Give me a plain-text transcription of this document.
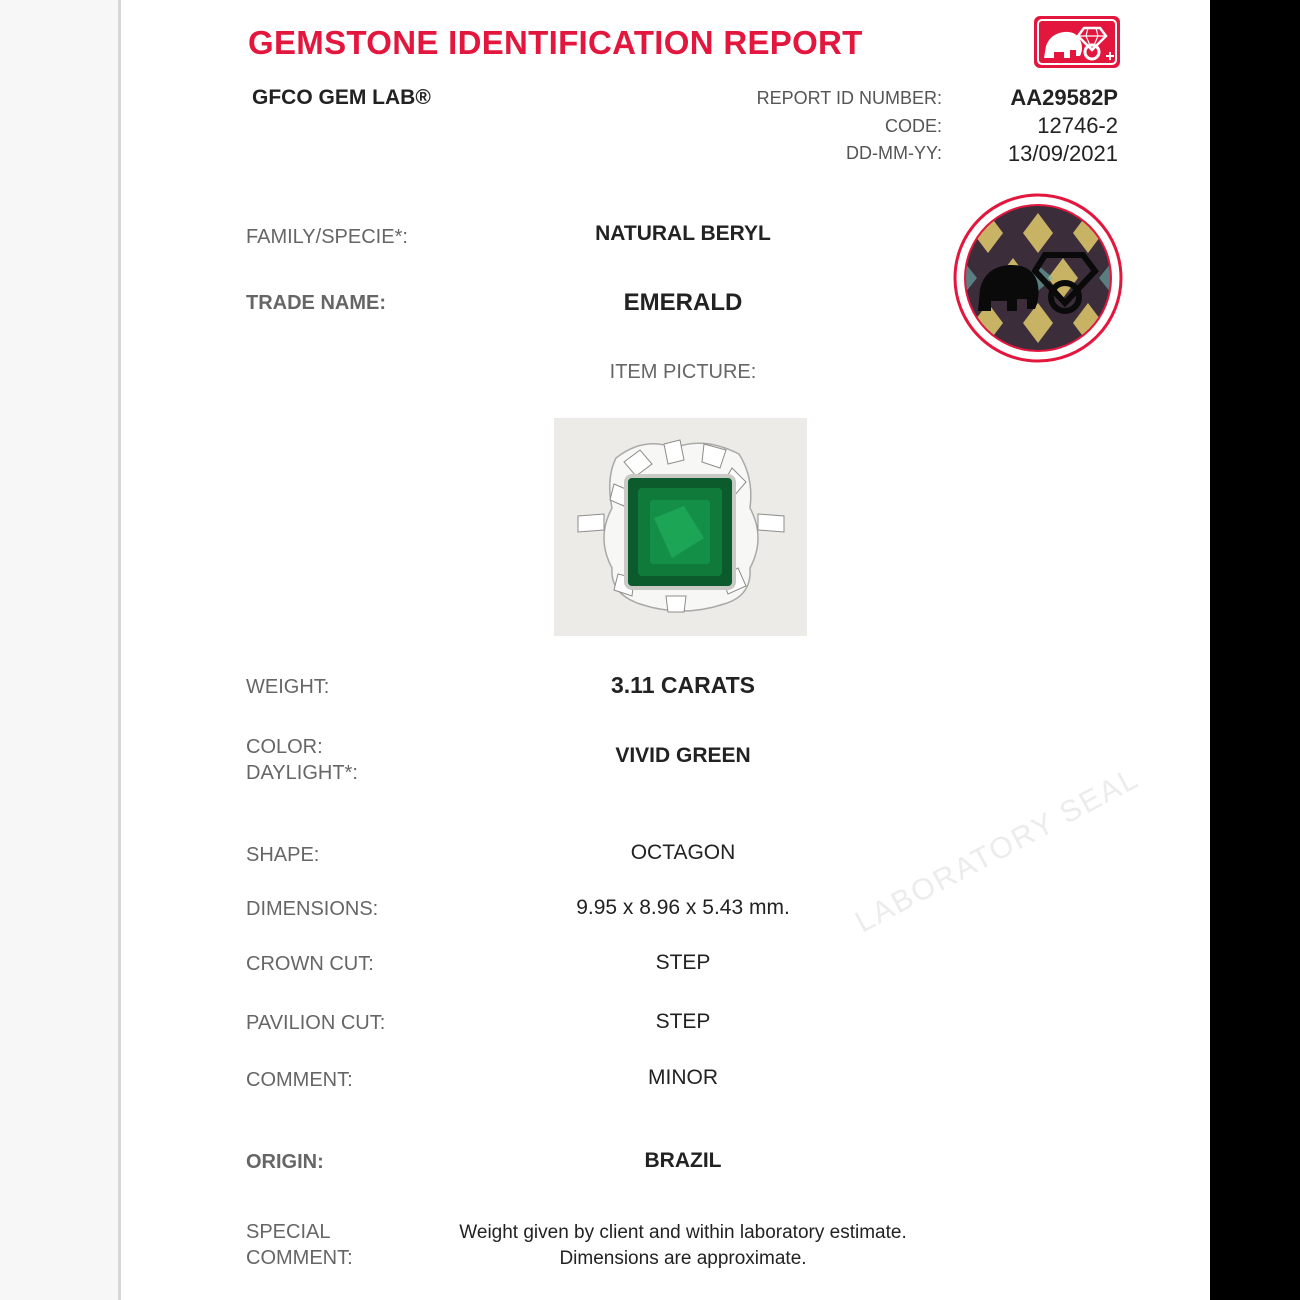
GEMSTONE IDENTIFICATION REPORT
GFCO GEM LAB®	REPORT ID NUMBER:	AA29582P
CODE:	12746-2
DD-MM-YY:	13/09/2021
FAMILY/SPECIE*:	NATURAL BERYL
TRADE NAME:	EMERALD
ITEM PICTURE:
WEIGHT:	3.11 CARATS
COLOR:
DAYLIGHT*:
VIVID GREEN
SHAPE:	OCTAGON
DIMENSIONS:	9.95 x 8.96 x 5.43 mm.
CROWN CUT:	STEP
PAVILION CUT:	STEP
COMMENT:	MINOR
ORIGIN:	BRAZIL
SPECIAL
COMMENT:
Weight given by client and within laboratory estimate.
Dimensions are approximate.
LABORATORY SEAL
